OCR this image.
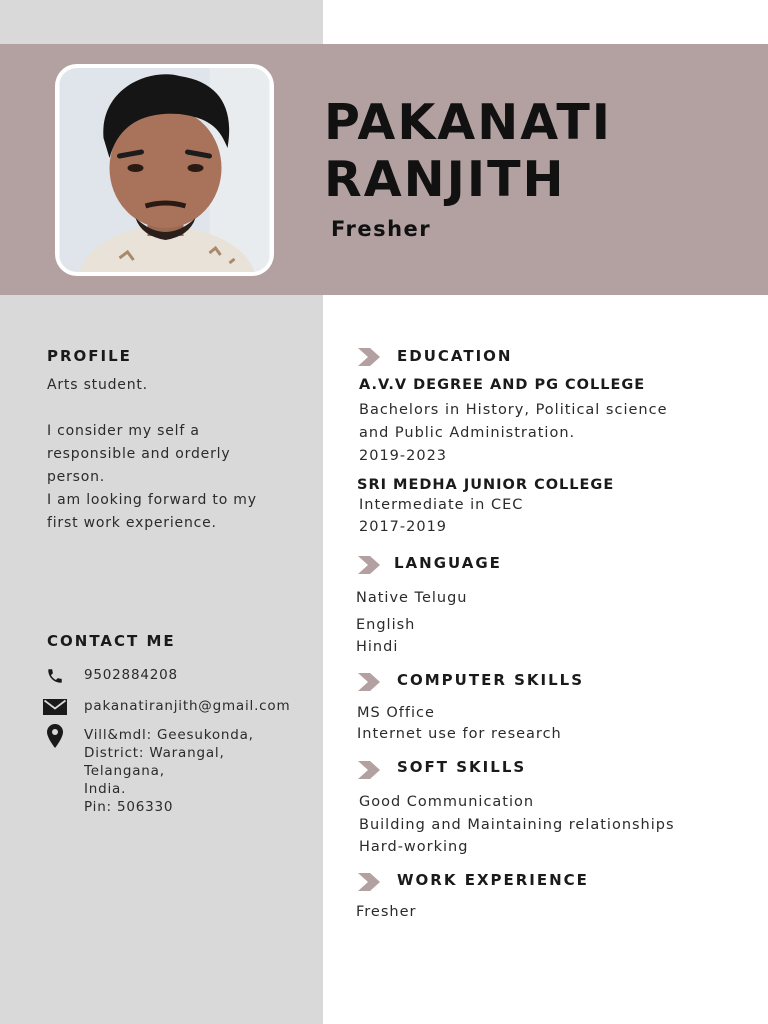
PAKANATI
RANJITH
Fresher
PROFILE

Arts student.

I consider my self a

responsible and orderly

person.

I am looking forward to my

first work experience.

CONTACT ME
9502884208
pakanatiranjith@gmail.com
Vill&mdl: Geesukonda,
District: Warangal,
Telangana,
India.
Pin: 506330
EDUCATION
A.V.V DEGREE AND PG COLLEGE
Bachelors in History, Political science
and Public Administration.
2019-2023
SRI MEDHA JUNIOR COLLEGE
Intermediate in CEC
2017-2019
LANGUAGE
Native Telugu
English
Hindi
COMPUTER SKILLS
MS Office
Internet use for research
SOFT SKILLS
Good Communication
Building and Maintaining relationships
Hard-working
WORK EXPERIENCE
Fresher
